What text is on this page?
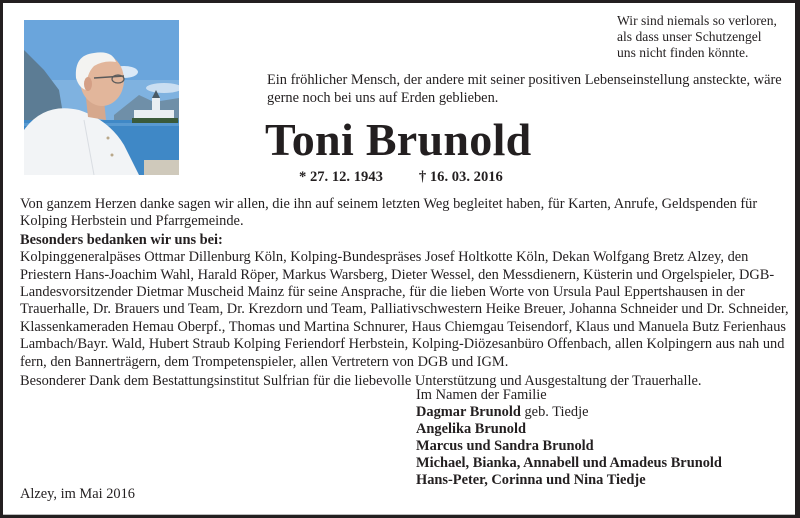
Wir sind niemals so verloren,
als dass unser Schutzengel
uns nicht finden könnte.
Ein fröhlicher Mensch, der andere mit seiner positiven Lebenseinstellung ansteckte, wäre gerne noch bei uns auf Erden geblieben.
Toni Brunold
* 27. 12. 1943 † 16. 03. 2016

Von ganzem Herzen danke sagen wir allen, die ihn auf seinem letzten Weg begleitet haben, für Karten, Anrufe, Geldspenden für Kolping Herbstein und Pfarrgemeinde.

Besonders bedanken wir uns bei:

Kolpinggeneralpäses Ottmar Dillenburg Köln, Kolping-Bundespräses Josef Holtkotte Köln, Dekan Wolfgang Bretz Alzey, den Priestern Hans-Joachim Wahl, Harald Röper, Markus Warsberg, Dieter Wessel, den Messdienern, Küsterin und Orgelspieler, DGB-Landesvorsitzender Dietmar Muscheid Mainz für seine Ansprache, für die lieben Worte von Ursula Paul Eppertshausen in der Trauerhalle, Dr. Brauers und Team, Dr. Krezdorn und Team, Palliativschwestern Heike Breuer, Johanna Schneider und Dr. Schneider, Klassenkameraden Hemau Oberpf., Thomas und Martina Schnurer, Haus Chiemgau Teisendorf, Klaus und Manuela Butz Ferienhaus Lambach/Bayr. Wald, Hubert Straub Kolping Feriendorf Herbstein, Kolping-Diözesanbüro Offenbach, allen Kolpingern aus nah und fern, den Bannerträgern, dem Trompetenspieler, allen Vertretern von DGB und IGM.

Besonderer Dank dem Bestattungsinstitut Sulfrian für die liebevolle Unterstützung und Ausgestaltung der Trauerhalle.

Im Namen der Familie
Dagmar Brunold geb. Tiedje
Angelika Brunold
Marcus und Sandra Brunold
Michael, Bianka, Annabell und Amadeus Brunold
Hans-Peter, Corinna und Nina Tiedje
Alzey, im Mai 2016
